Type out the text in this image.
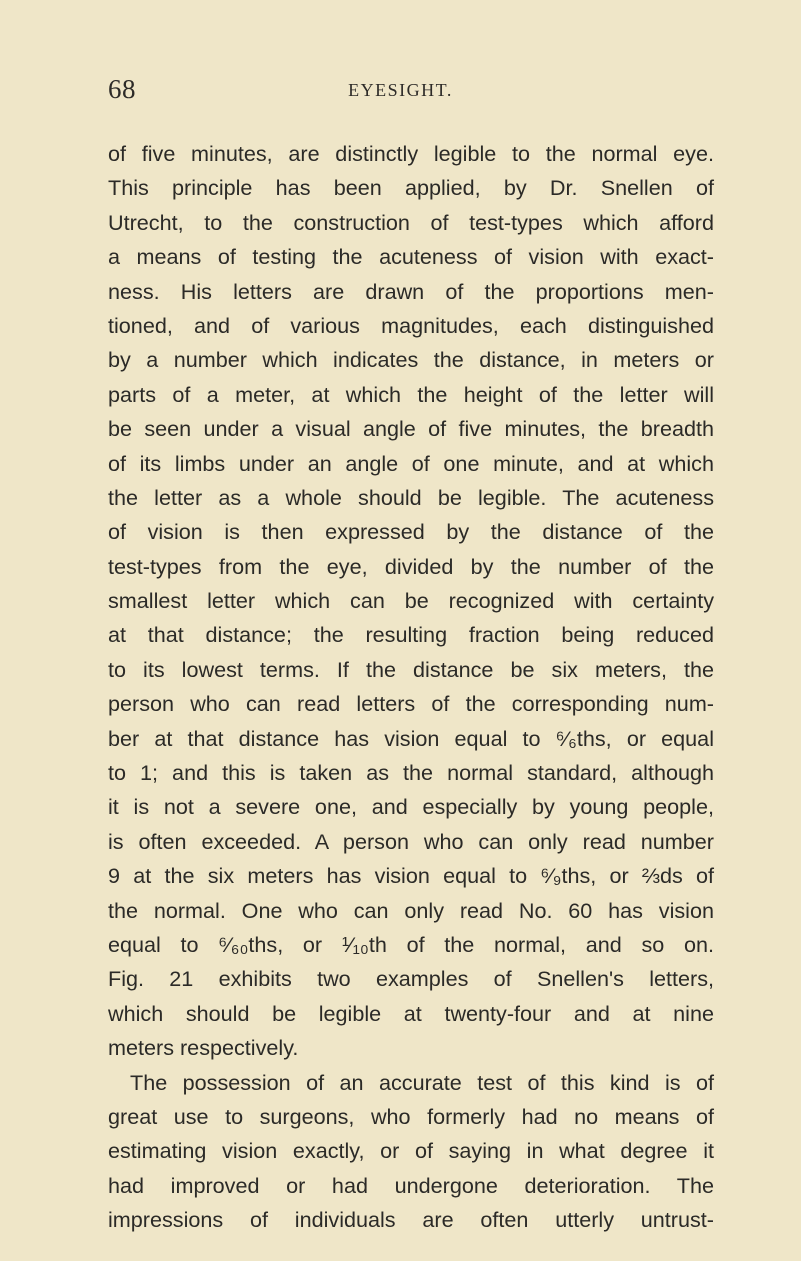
68	EYESIGHT.
of five minutes, are distinctly legible to the normal eye.
This principle has been applied, by Dr. Snellen of
Utrecht, to the construction of test-types which afford
a means of testing the acuteness of vision with exact-
ness. His letters are drawn of the proportions men-
tioned, and of various magnitudes, each distinguished
by a number which indicates the distance, in meters or
parts of a meter, at which the height of the letter will
be seen under a visual angle of five minutes, the breadth
of its limbs under an angle of one minute, and at which
the letter as a whole should be legible. The acuteness
of vision is then expressed by the distance of the
test-types from the eye, divided by the number of the
smallest letter which can be recognized with certainty
at that distance; the resulting fraction being reduced
to its lowest terms. If the distance be six meters, the
person who can read letters of the corresponding num-
ber at that distance has vision equal to ⁶⁄₆ths, or equal
to 1; and this is taken as the normal standard, although
it is not a severe one, and especially by young people,
is often exceeded. A person who can only read number
9 at the six meters has vision equal to ⁶⁄₉ths, or ⅔ds of
the normal. One who can only read No. 60 has vision
equal to ⁶⁄₆₀ths, or ¹⁄₁₀th of the normal, and so on.
Fig. 21 exhibits two examples of Snellen's letters,
which should be legible at twenty-four and at nine
meters respectively.
The possession of an accurate test of this kind is of
great use to surgeons, who formerly had no means of
estimating vision exactly, or of saying in what degree it
had improved or had undergone deterioration. The
impressions of individuals are often utterly untrust-
